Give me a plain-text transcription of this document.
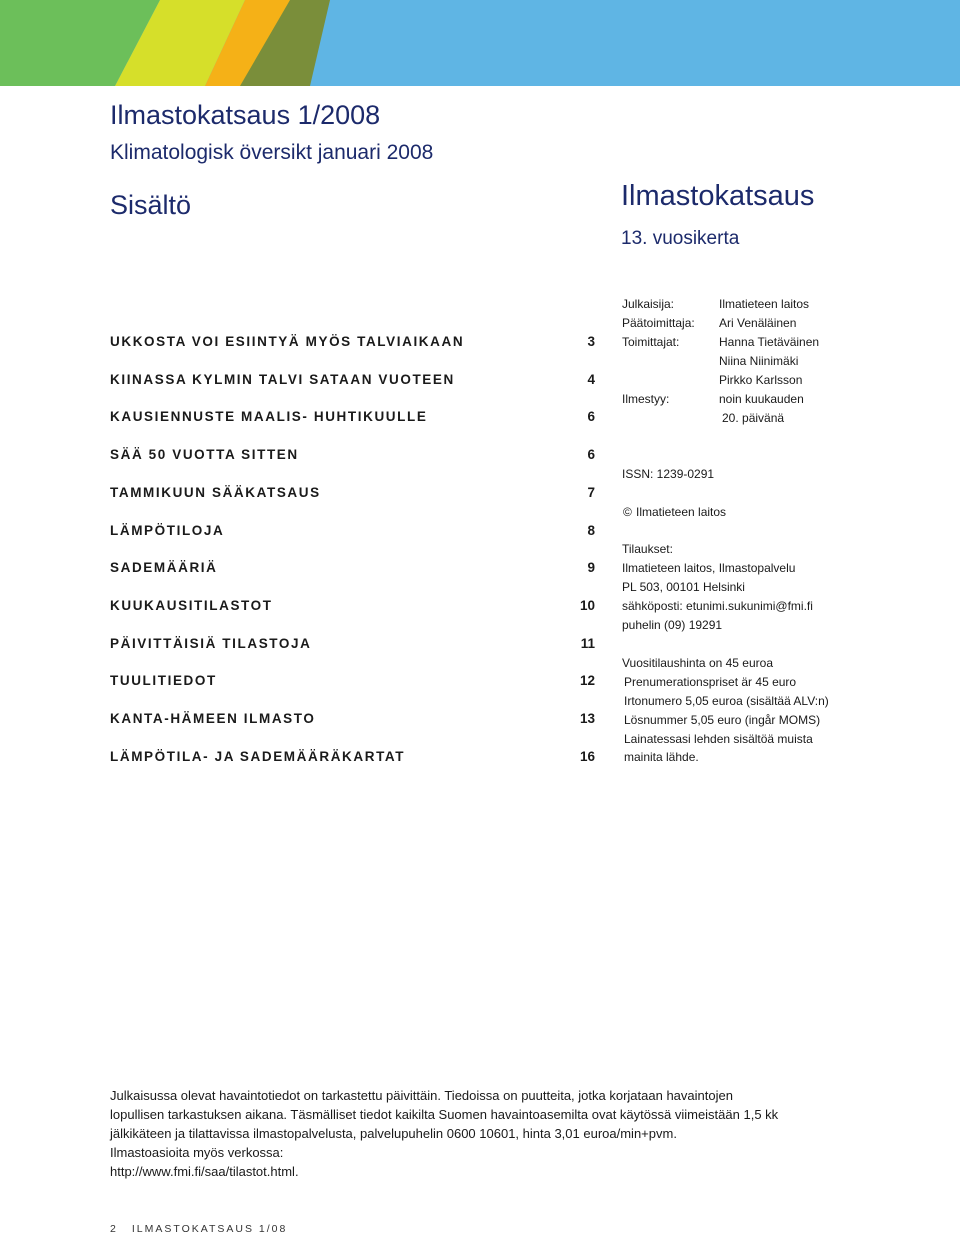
Ilmastokatsaus 1/2008
Klimatologisk översikt januari 2008
Sisältö	Ilmastokatsaus
13. vuosikerta
UKKOSTA VOI ESIINTYÄ MYÖS TALVIAIKAAN	3
KIINASSA KYLMIN TALVI SATAAN VUOTEEN	4
KAUSIENNUSTE MAALIS- HUHTIKUULLE	6
SÄÄ 50 VUOTTA SITTEN	6
TAMMIKUUN SÄÄKATSAUS	7
LÄMPÖTILOJA	8
SADEMÄÄRIÄ	9
KUUKAUSITILASTOT	10
PÄIVITTÄISIÄ TILASTOJA	11
TUULITIEDOT	12
KANTA-HÄMEEN ILMASTO	13
LÄMPÖTILA- JA SADEMÄÄRÄKARTAT	16
Julkaisija:	Ilmatieteen laitos
Päätoimittaja: Ari Venäläinen
Toimittajat:	Hanna Tietäväinen
Niina Niinimäki
Pirkko Karlsson
Ilmestyy:	noin kuukauden
20. päivänä
ISSN: 1239-0291
© Ilmatieteen laitos
Tilaukset:
Ilmatieteen laitos, Ilmastopalvelu
PL 503, 00101 Helsinki
sähköposti: etunimi.sukunimi@fmi.fi
puhelin (09) 19291
Vuositilaushinta on 45 euroa
Prenumerationspriset är 45 euro
Irtonumero 5,05 euroa (sisältää ALV:n)
Lösnummer 5,05 euro (ingår MOMS)
Lainatessasi lehden sisältöä muista
mainita lähde.
Julkaisussa olevat havaintotiedot on tarkastettu päivittäin. Tiedoissa on puutteita, jotka korjataan havaintojen
lopullisen tarkastuksen aikana. Täsmälliset tiedot kaikilta Suomen havaintoasemilta ovat käytössä viimeistään 1,5 kk
jälkikäteen ja tilattavissa ilmastopalvelusta, palvelupuhelin 0600 10601, hinta 3,01 euroa/min+pvm.
Ilmastoasioita myös verkossa:
http://www.fmi.fi/saa/tilastot.html.
2 ILMASTOKATSAUS 1/08
